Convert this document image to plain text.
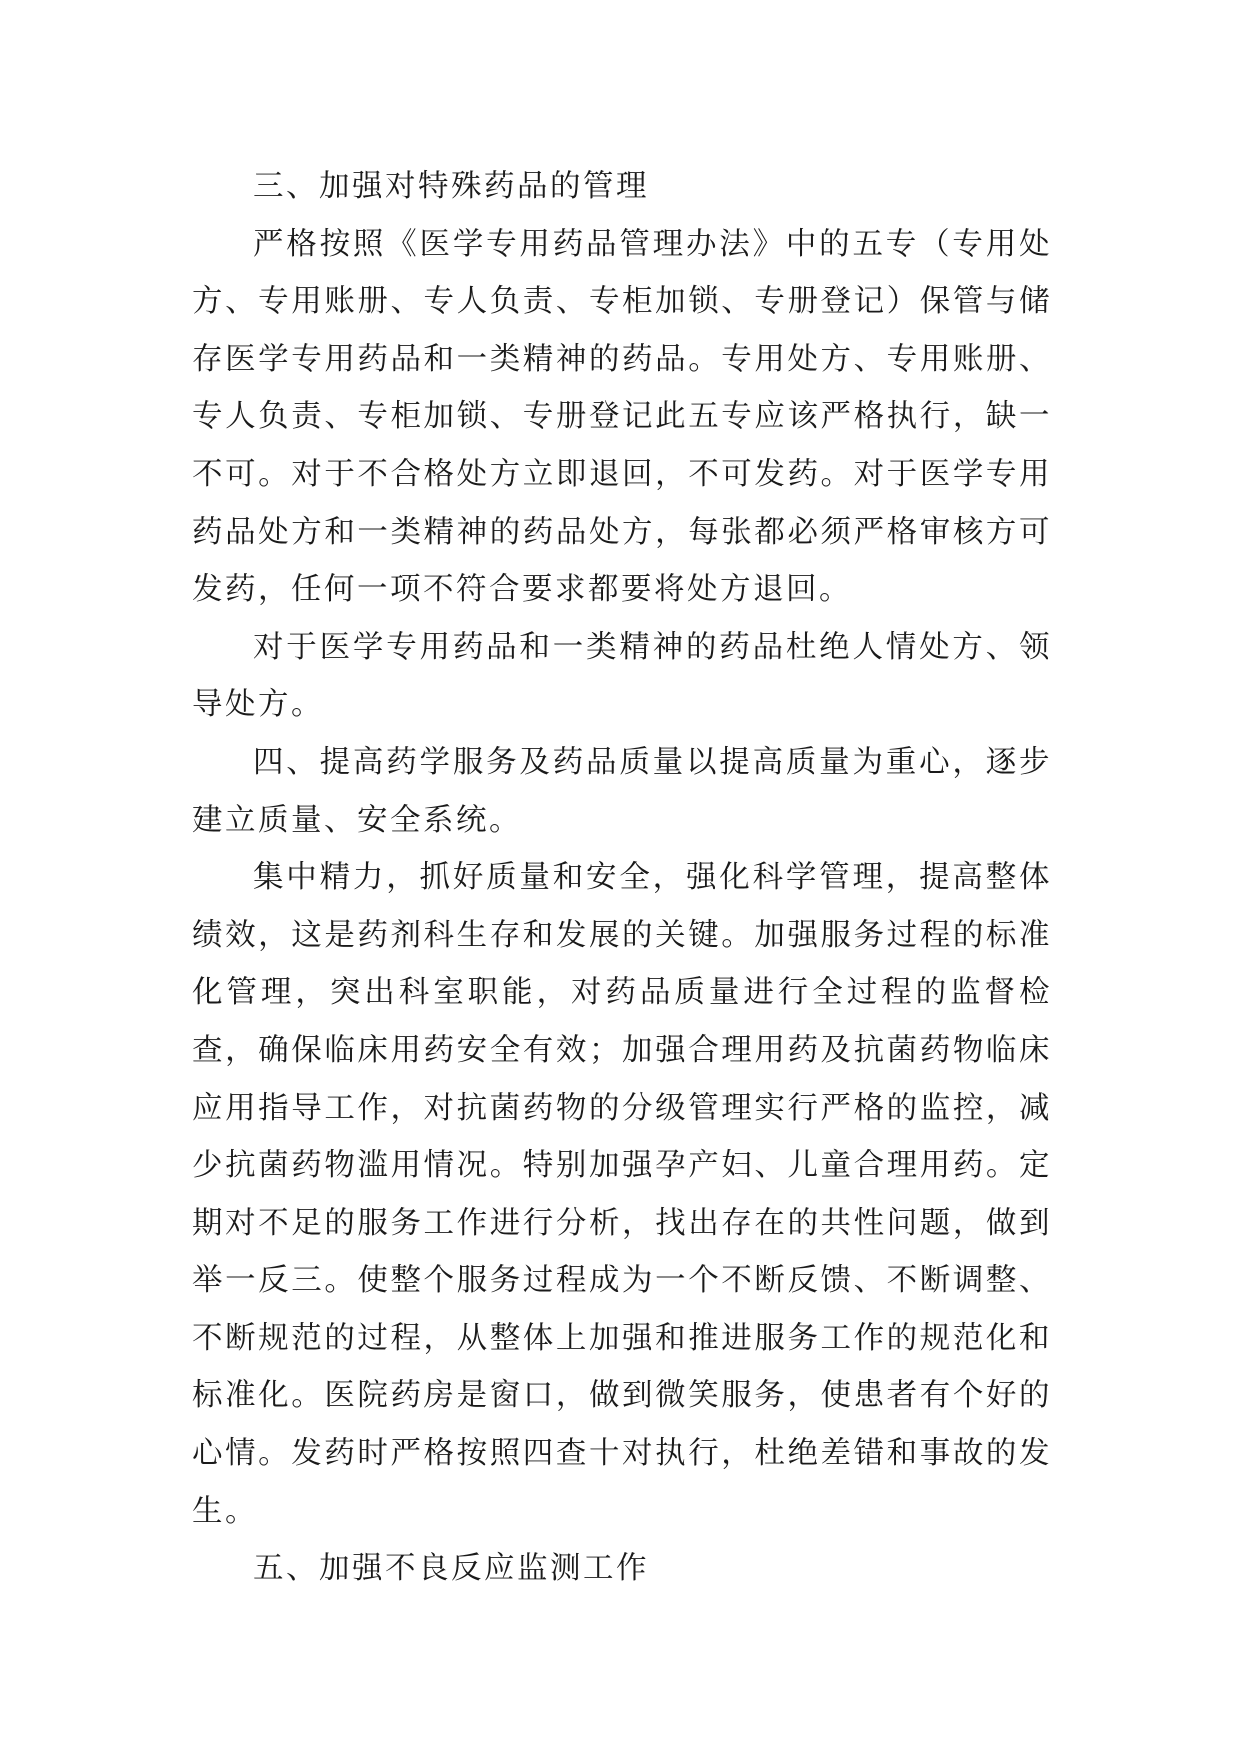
三、加强对特殊药品的管理

严格按照《医学专用药品管理办法》中的五专（专用处方、专用账册、专人负责、专柜加锁、专册登记）保管与储存医学专用药品和一类精神的药品。专用处方、专用账册、专人负责、专柜加锁、专册登记此五专应该严格执行，缺一不可。对于不合格处方立即退回，不可发药。对于医学专用药品处方和一类精神的药品处方，每张都必须严格审核方可发药，任何一项不符合要求都要将处方退回。

对于医学专用药品和一类精神的药品杜绝人情处方、领导处方。

四、提高药学服务及药品质量以提高质量为重心，逐步建立质量、安全系统。

集中精力，抓好质量和安全，强化科学管理，提高整体绩效，这是药剂科生存和发展的关键。加强服务过程的标准化管理，突出科室职能，对药品质量进行全过程的监督检查，确保临床用药安全有效；加强合理用药及抗菌药物临床应用指导工作，对抗菌药物的分级管理实行严格的监控，减少抗菌药物滥用情况。特别加强孕产妇、儿童合理用药。定期对不足的服务工作进行分析，找出存在的共性问题，做到举一反三。使整个服务过程成为一个不断反馈、不断调整、不断规范的过程，从整体上加强和推进服务工作的规范化和标准化。医院药房是窗口，做到微笑服务，使患者有个好的心情。发药时严格按照四查十对执行，杜绝差错和事故的发生。

五、加强不良反应监测工作
